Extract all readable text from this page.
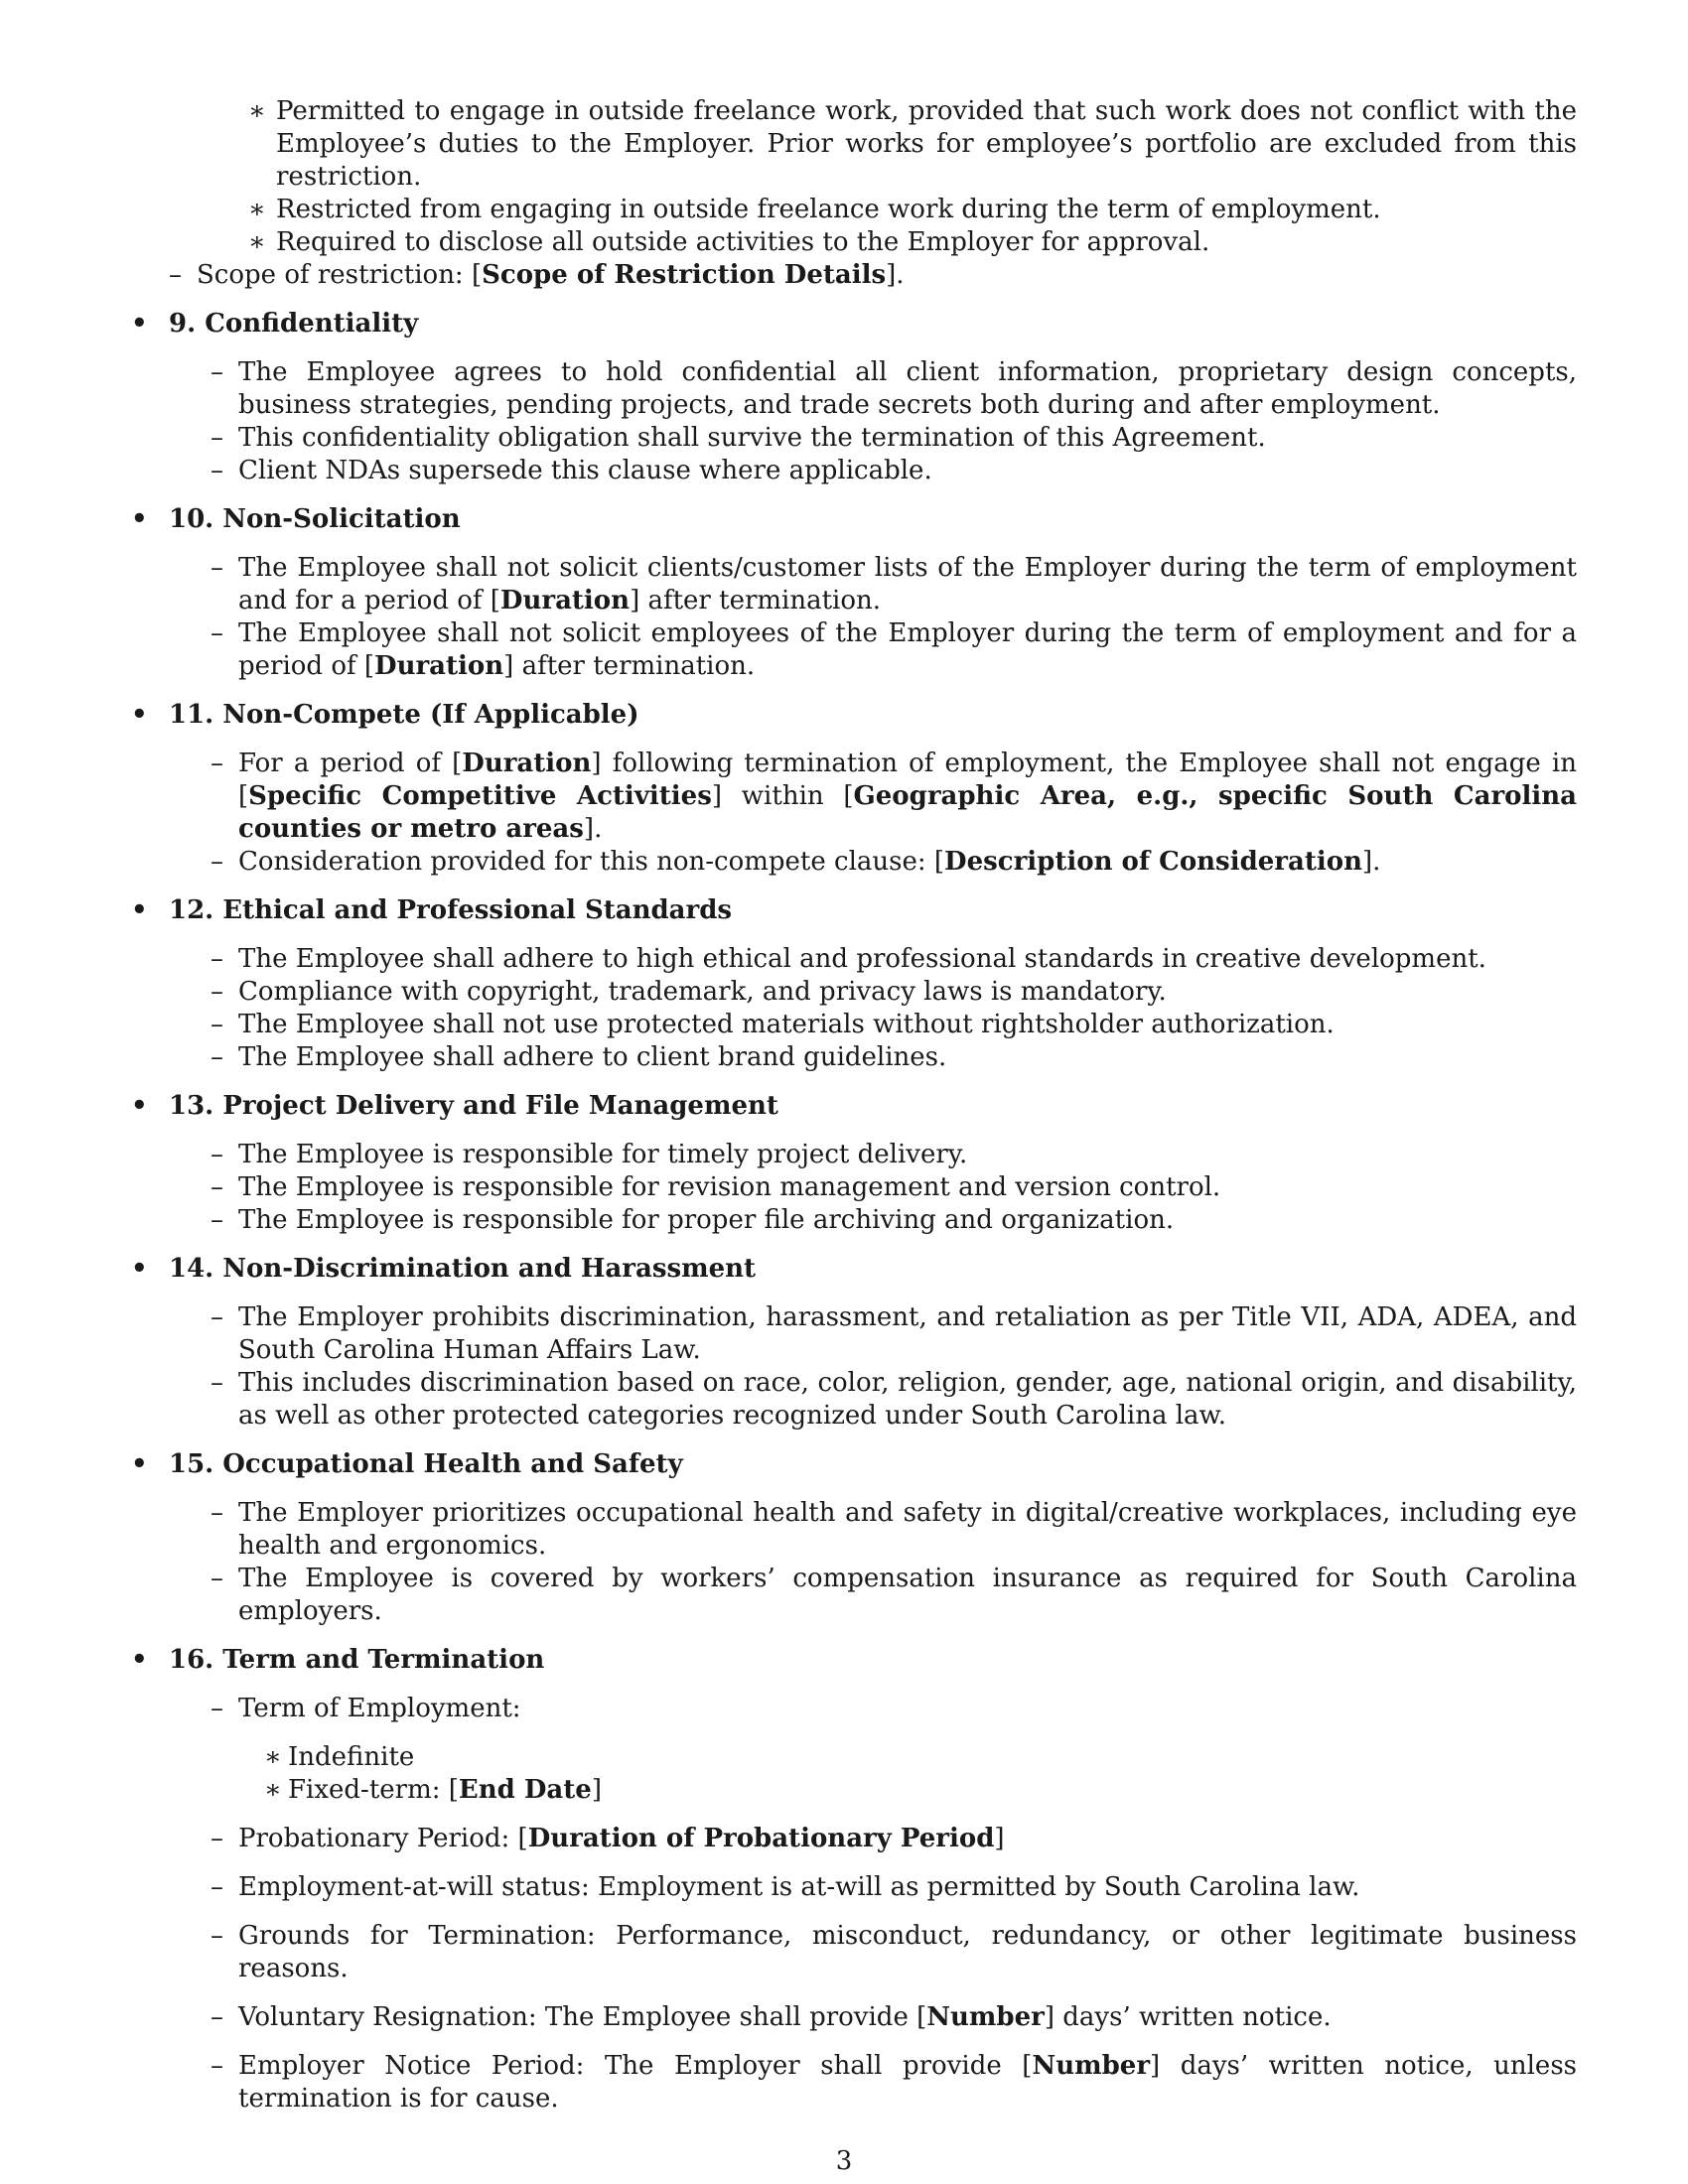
∗ Permitted to engage in outside freelance work, provided that such work does not conflict with the Employee’s duties to the Employer. Prior works for employee’s portfolio are excluded from this restriction.
∗ Restricted from engaging in outside freelance work during the term of employment.
∗ Required to disclose all outside activities to the Employer for approval.
– Scope of restriction: [Scope of Restriction Details].
• 9. Confidentiality
– The Employee agrees to hold confidential all client information, proprietary design concepts, business strategies, pending projects, and trade secrets both during and after employment.
– This confidentiality obligation shall survive the termination of this Agreement.
– Client NDAs supersede this clause where applicable.
• 10. Non-Solicitation
– The Employee shall not solicit clients/customer lists of the Employer during the term of employment and for a period of [Duration] after termination.
– The Employee shall not solicit employees of the Employer during the term of employment and for a period of [Duration] after termination.
• 11. Non-Compete (If Applicable)
– For a period of [Duration] following termination of employment, the Employee shall not engage in [Specific Competitive Activities] within [Geographic Area, e.g., specific South Carolina counties or metro areas].
– Consideration provided for this non-compete clause: [Description of Consideration].
• 12. Ethical and Professional Standards
– The Employee shall adhere to high ethical and professional standards in creative development.
– Compliance with copyright, trademark, and privacy laws is mandatory.
– The Employee shall not use protected materials without rightsholder authorization.
– The Employee shall adhere to client brand guidelines.
• 13. Project Delivery and File Management
– The Employee is responsible for timely project delivery.
– The Employee is responsible for revision management and version control.
– The Employee is responsible for proper file archiving and organization.
• 14. Non-Discrimination and Harassment
– The Employer prohibits discrimination, harassment, and retaliation as per Title VII, ADA, ADEA, and South Carolina Human Affairs Law.
– This includes discrimination based on race, color, religion, gender, age, national origin, and disability, as well as other protected categories recognized under South Carolina law.
• 15. Occupational Health and Safety
– The Employer prioritizes occupational health and safety in digital/creative workplaces, including eye health and ergonomics.
– The Employee is covered by workers’ compensation insurance as required for South Carolina employers.
• 16. Term and Termination
– Term of Employment:
∗ Indefinite
∗ Fixed-term: [End Date]
– Probationary Period: [Duration of Probationary Period]
– Employment-at-will status: Employment is at-will as permitted by South Carolina law.
– Grounds for Termination: Performance, misconduct, redundancy, or other legitimate business reasons.
– Voluntary Resignation: The Employee shall provide [Number] days’ written notice.
– Employer Notice Period: The Employer shall provide [Number] days’ written notice, unless termination is for cause.
3
